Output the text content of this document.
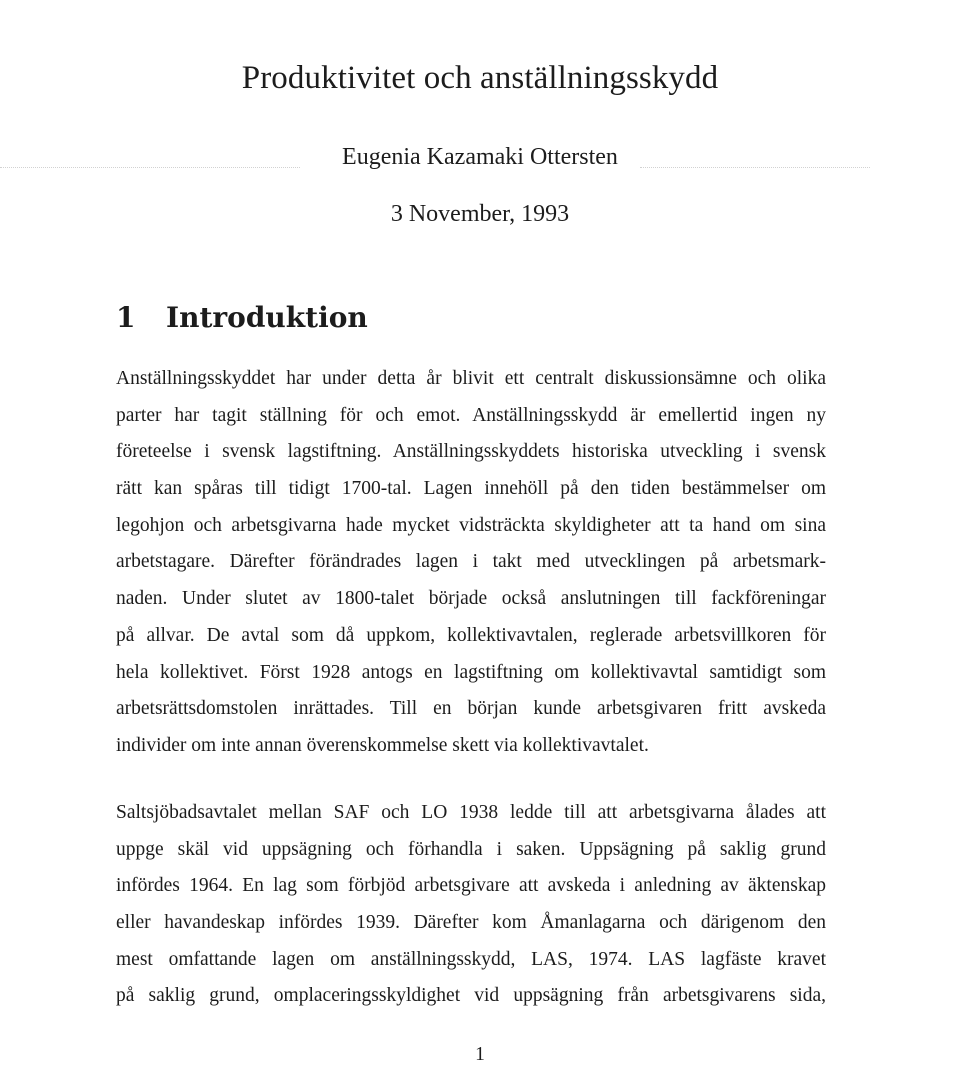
Produktivitet och anställningsskydd
Eugenia Kazamaki Ottersten
3 November, 1993
1 Introduktion

Anställningsskyddet har under detta år blivit ett centralt diskussionsämne och olika
parter har tagit ställning för och emot. Anställningsskydd är emellertid ingen ny
företeelse i svensk lagstiftning. Anställningsskyddets historiska utveckling i svensk
rätt kan spåras till tidigt 1700-tal. Lagen innehöll på den tiden bestämmelser om
legohjon och arbetsgivarna hade mycket vidsträckta skyldigheter att ta hand om sina
arbetstagare. Därefter förändrades lagen i takt med utvecklingen på arbetsmark-
naden. Under slutet av 1800-talet började också anslutningen till fackföreningar
på allvar. De avtal som då uppkom, kollektivavtalen, reglerade arbetsvillkoren för
hela kollektivet. Först 1928 antogs en lagstiftning om kollektivavtal samtidigt som
arbetsrättsdomstolen inrättades. Till en början kunde arbetsgivaren fritt avskeda
individer om inte annan överenskommelse skett via kollektivavtalet.

Saltsjöbadsavtalet mellan SAF och LO 1938 ledde till att arbetsgivarna ålades att
uppge skäl vid uppsägning och förhandla i saken. Uppsägning på saklig grund
infördes 1964. En lag som förbjöd arbetsgivare att avskeda i anledning av äktenskap
eller havandeskap infördes 1939. Därefter kom Åmanlagarna och därigenom den
mest omfattande lagen om anställningsskydd, LAS, 1974. LAS lagfäste kravet
på saklig grund, omplaceringsskyldighet vid uppsägning från arbetsgivarens sida,

1
